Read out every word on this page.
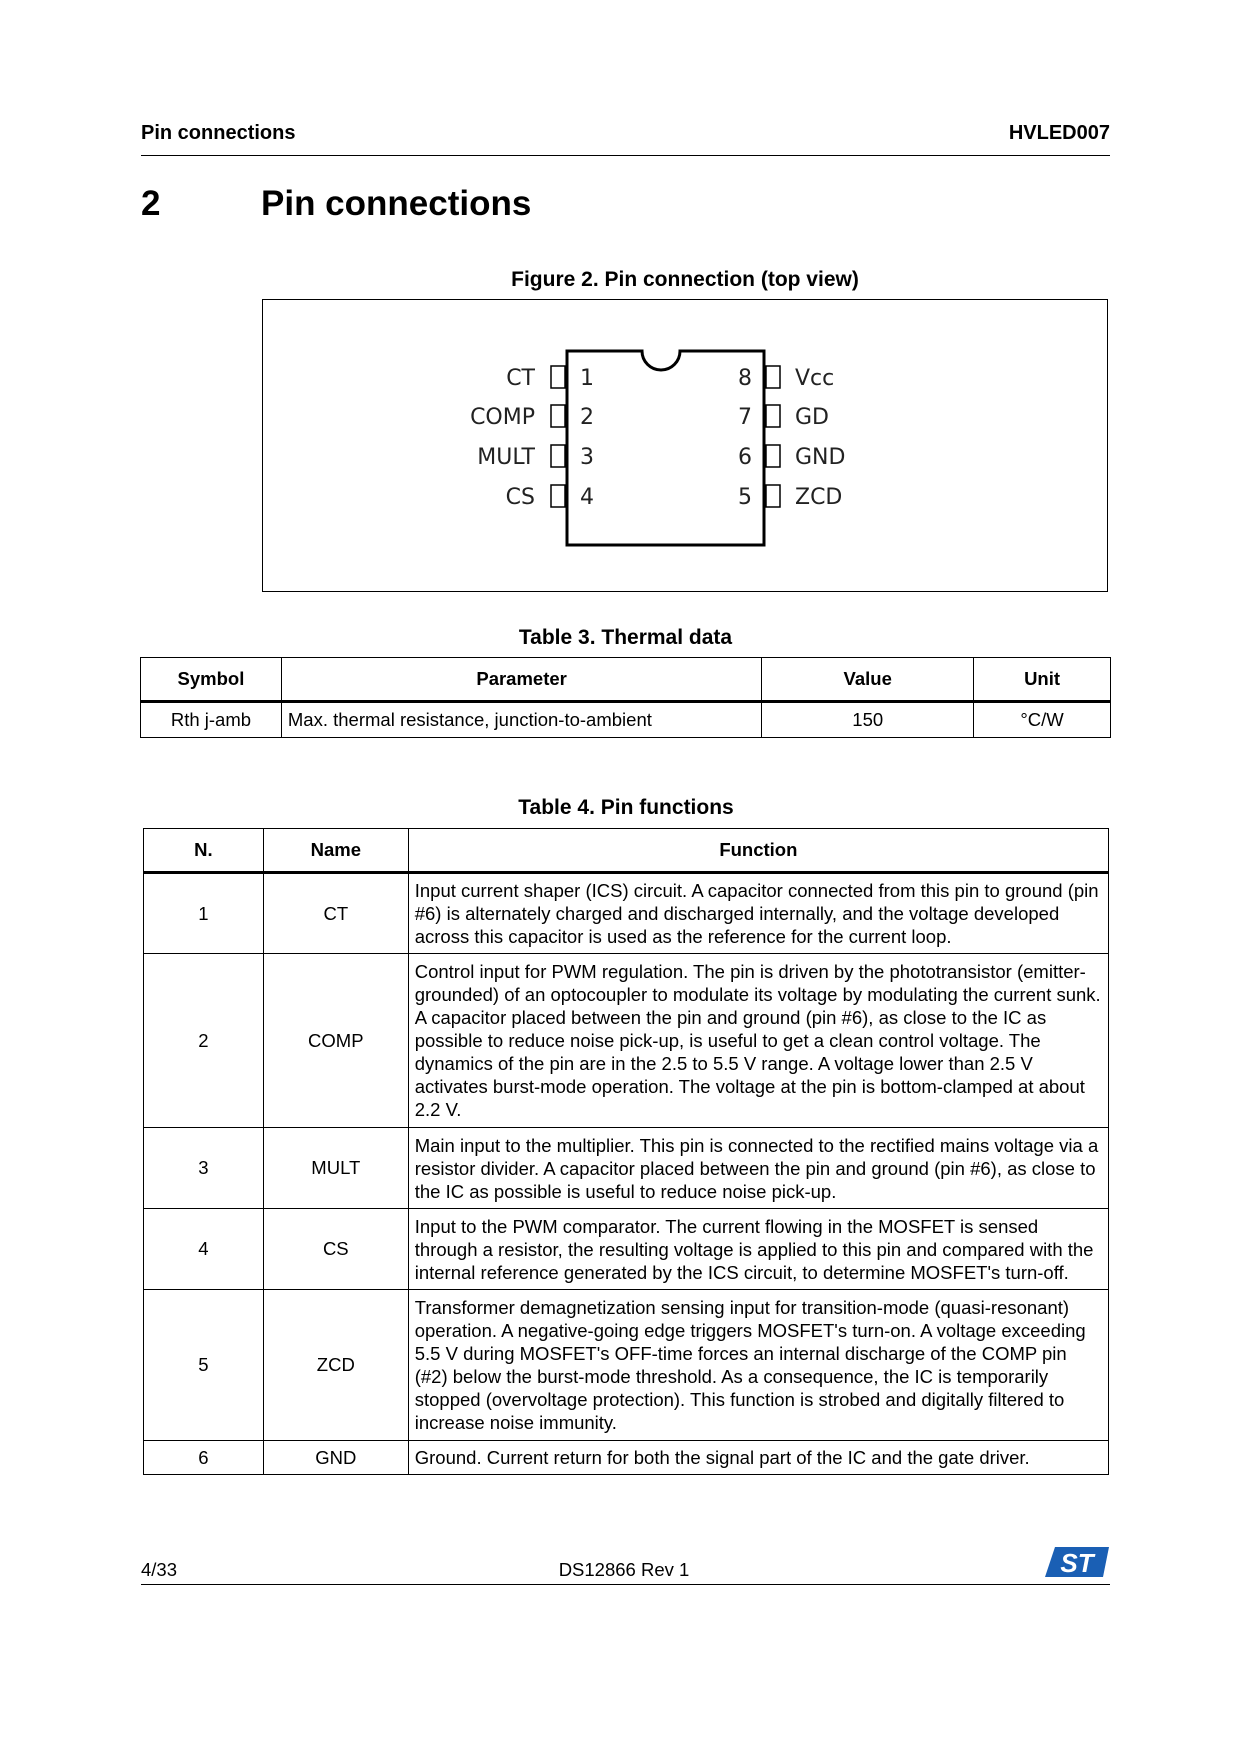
Pin connections	HVLED007
2	Pin connections
Figure 2. Pin connection (top view)
1
CT
2
COMP
3
MULT
4
CS
8 Vcc
7 GD
6 GND
5 ZCD
Table 3. Thermal data
Symbol	Parameter	Value	Unit
Rth j-amb	Max. thermal resistance, junction-to-ambient	150	°C/W
Table 4. Pin functions
N.	Name	Function
1	CT	Input current shaper (ICS) circuit. A capacitor connected from this pin to ground (pin #6) is alternately charged and discharged internally, and the voltage developed across this capacitor is used as the reference for the current loop.
2	COMP	Control input for PWM regulation. The pin is driven by the phototransistor (emitter-grounded) of an optocoupler to modulate its voltage by modulating the current sunk. A capacitor placed between the pin and ground (pin #6), as close to the IC as possible to reduce noise pick-up, is useful to get a clean control voltage. The dynamics of the pin are in the 2.5 to 5.5 V range. A voltage lower than 2.5 V activates burst-mode operation. The voltage at the pin is bottom-clamped at about 2.2 V.
3	MULT	Main input to the multiplier. This pin is connected to the rectified mains voltage via a resistor divider. A capacitor placed between the pin and ground (pin #6), as close to the IC as possible is useful to reduce noise pick-up.
4	CS	Input to the PWM comparator. The current flowing in the MOSFET is sensed through a resistor, the resulting voltage is applied to this pin and compared with the internal reference generated by the ICS circuit, to determine MOSFET's turn-off.
5	ZCD	Transformer demagnetization sensing input for transition-mode (quasi-resonant) operation. A negative-going edge triggers MOSFET's turn-on. A voltage exceeding 5.5 V during MOSFET's OFF-time forces an internal discharge of the COMP pin (#2) below the burst-mode threshold. As a consequence, the IC is temporarily stopped (overvoltage protection). This function is strobed and digitally filtered to increase noise immunity.
6	GND	Ground. Current return for both the signal part of the IC and the gate driver.
4/33	DS12866 Rev 1	ST
